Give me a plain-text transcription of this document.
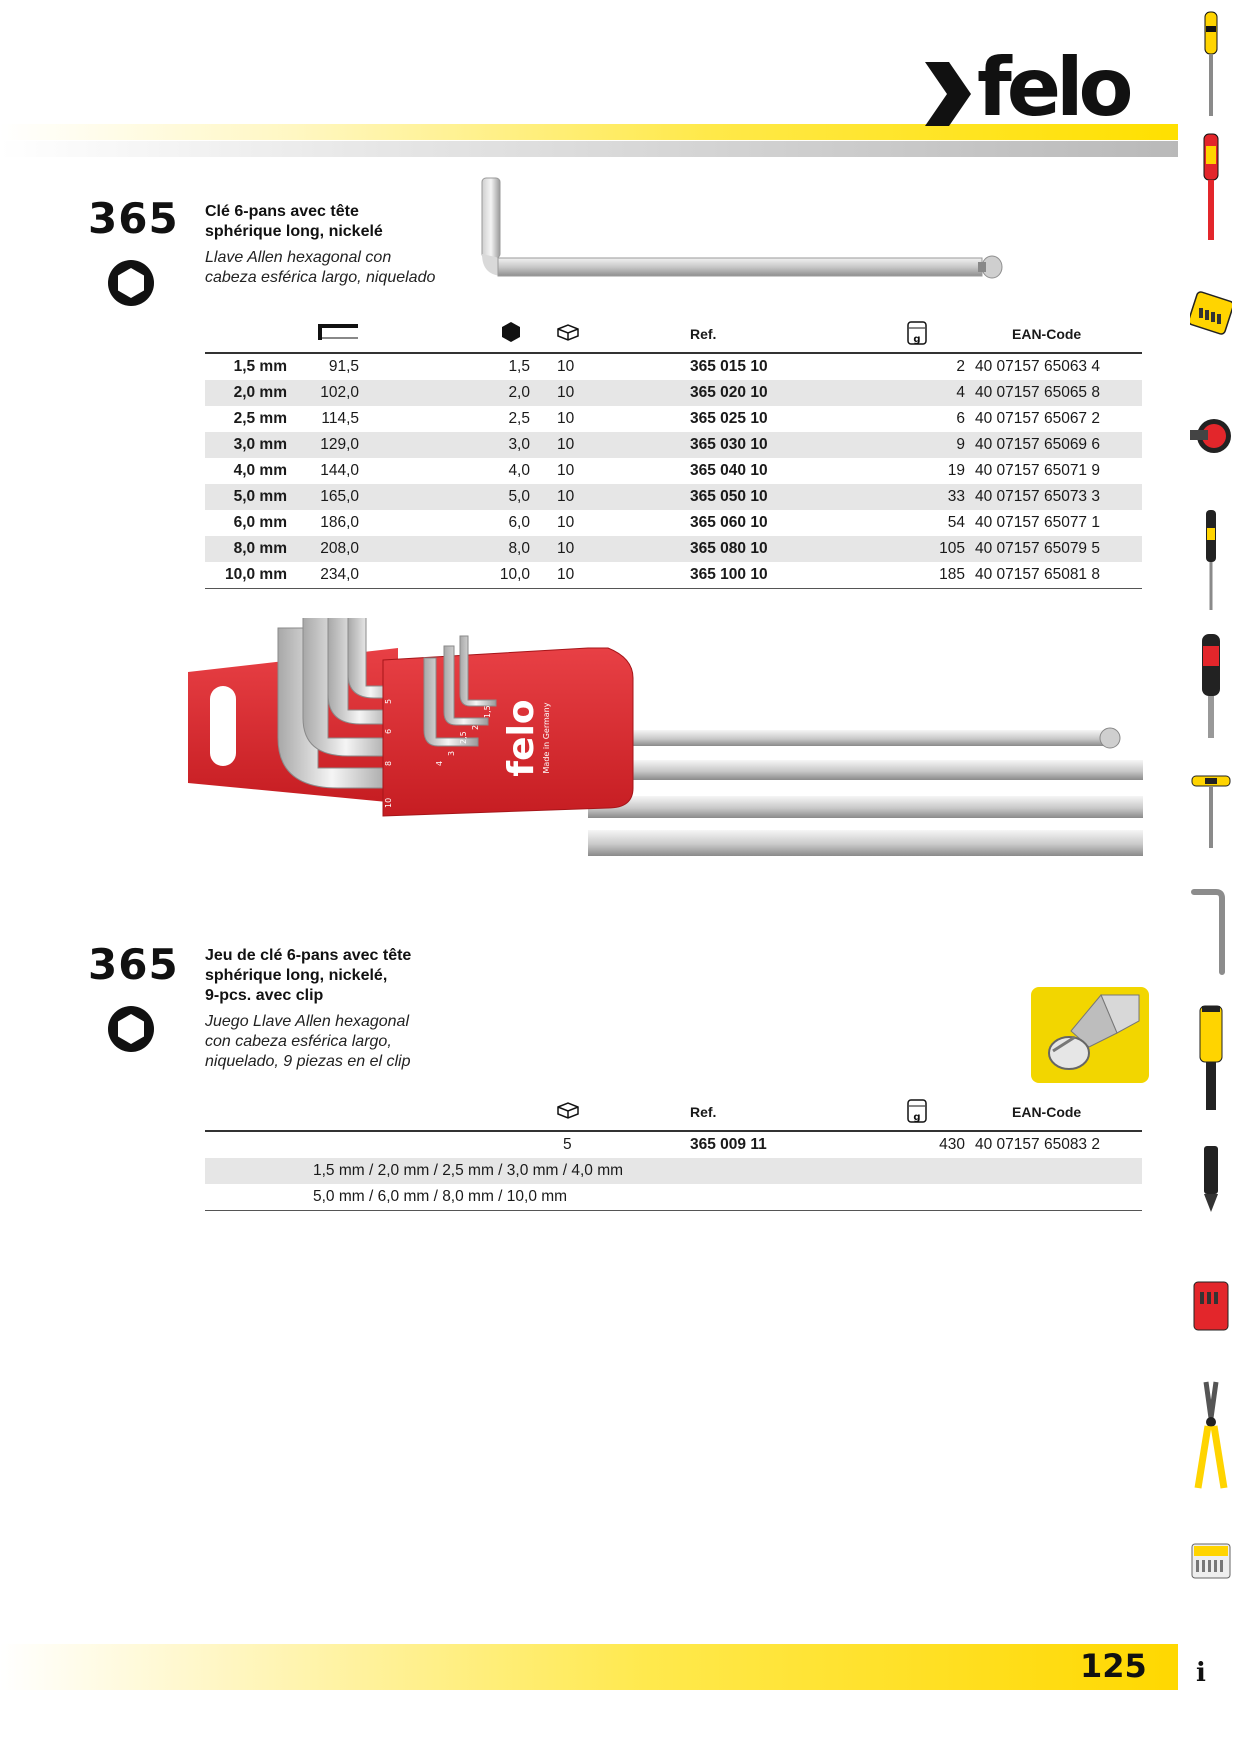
felo
365 Clé 6-pans avec tête
sphérique long, nickelé
Llave Allen hexagonal con
cabeza esférica largo, niquelado
Ref.	g	EAN-Code
1,5 mm	91,5	1,5 10	365 015 10	2 40 07157 65063 4
2,0 mm	102,0	2,0 10	365 020 10	4 40 07157 65065 8
2,5 mm	114,5	2,5 10	365 025 10	6 40 07157 65067 2
3,0 mm	129,0	3,0 10	365 030 10	9 40 07157 65069 6
4,0 mm	144,0	4,0 10	365 040 10	19 40 07157 65071 9
5,0 mm	165,0	5,0 10	365 050 10	33 40 07157 65073 3
6,0 mm	186,0	6,0 10	365 060 10	54 40 07157 65077 1
8,0 mm	208,0	8,0 10	365 080 10	105 40 07157 65079 5
10,0 mm	234,0	10,0 10	365 100 10	185 40 07157 65081 8
felo Made in Germany
10
8
6
5
4
3
2,5
2
1,5
365 Jeu de clé 6-pans avec tête
sphérique long, nickelé,
9-pcs. avec clip
Juego Llave Allen hexagonal
con cabeza esférica largo,
niquelado, 9 piezas en el clip
Ref.	g	EAN-Code
5	365 009 11	430 40 07157 65083 2
1,5 mm / 2,0 mm / 2,5 mm / 3,0 mm / 4,0 mm
5,0 mm / 6,0 mm / 8,0 mm / 10,0 mm
125 i
